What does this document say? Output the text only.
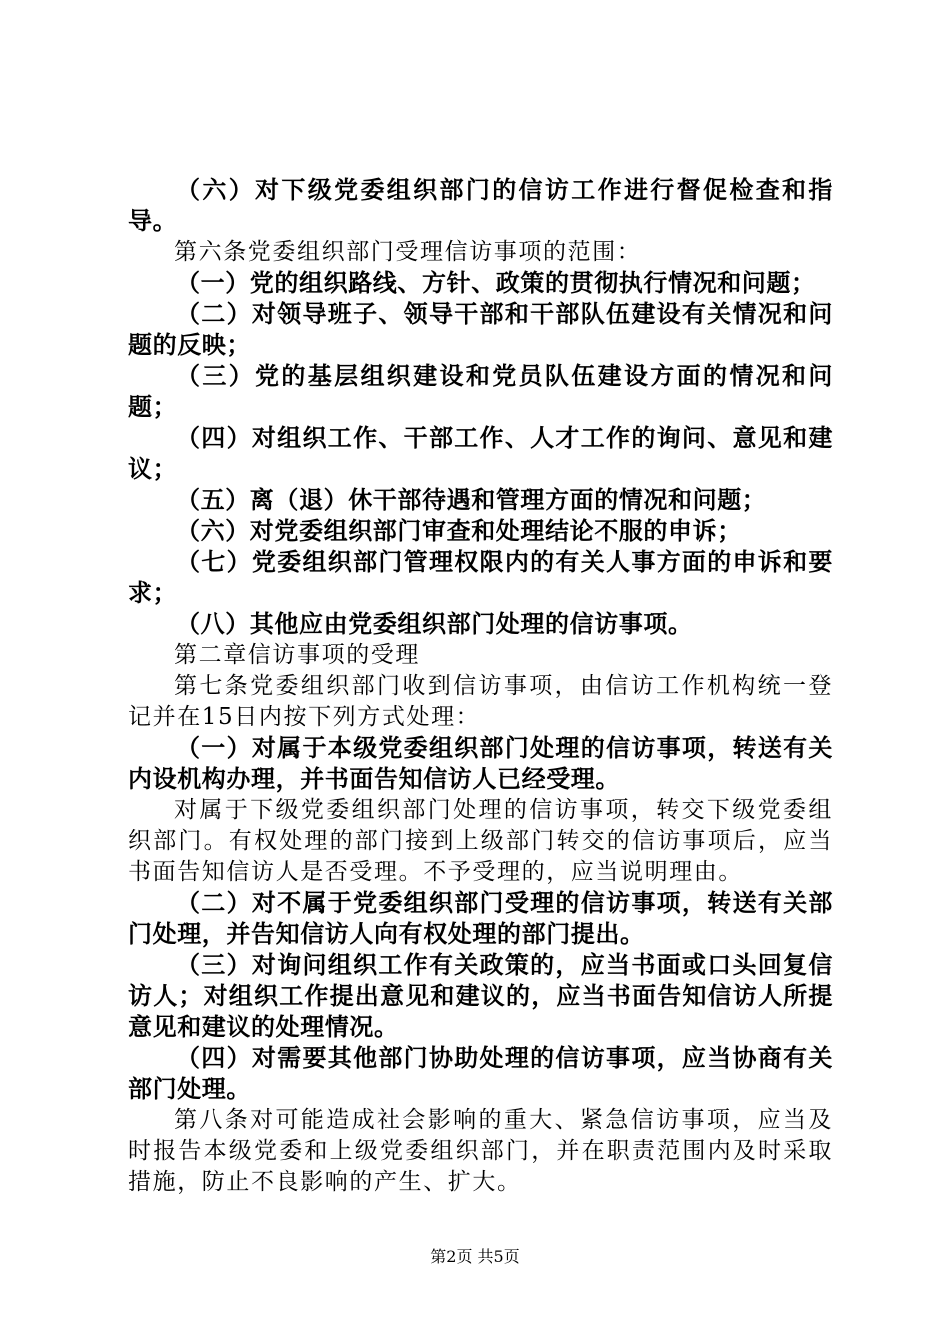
（六）对下级党委组织部门的信访工作进行督促检查和指导。

第六条党委组织部门受理信访事项的范围：

（一）党的组织路线、方针、政策的贯彻执行情况和问题；

（二）对领导班子、领导干部和干部队伍建设有关情况和问题的反映；

（三）党的基层组织建设和党员队伍建设方面的情况和问题；

（四）对组织工作、干部工作、人才工作的询问、意见和建议；

（五）离（退）休干部待遇和管理方面的情况和问题；

（六）对党委组织部门审查和处理结论不服的申诉；

（七）党委组织部门管理权限内的有关人事方面的申诉和要求；

（八）其他应由党委组织部门处理的信访事项。

第二章信访事项的受理

第七条党委组织部门收到信访事项，由信访工作机构统一登记并在15日内按下列方式处理：

（一）对属于本级党委组织部门处理的信访事项，转送有关内设机构办理，并书面告知信访人已经受理。

对属于下级党委组织部门处理的信访事项，转交下级党委组织部门。有权处理的部门接到上级部门转交的信访事项后，应当书面告知信访人是否受理。不予受理的，应当说明理由。

（二）对不属于党委组织部门受理的信访事项，转送有关部门处理，并告知信访人向有权处理的部门提出。

（三）对询问组织工作有关政策的，应当书面或口头回复信访人；对组织工作提出意见和建议的，应当书面告知信访人所提意见和建议的处理情况。

（四）对需要其他部门协助处理的信访事项，应当协商有关部门处理。

第八条对可能造成社会影响的重大、紧急信访事项，应当及时报告本级党委和上级党委组织部门，并在职责范围内及时采取措施，防止不良影响的产生、扩大。

第2页 共5页
